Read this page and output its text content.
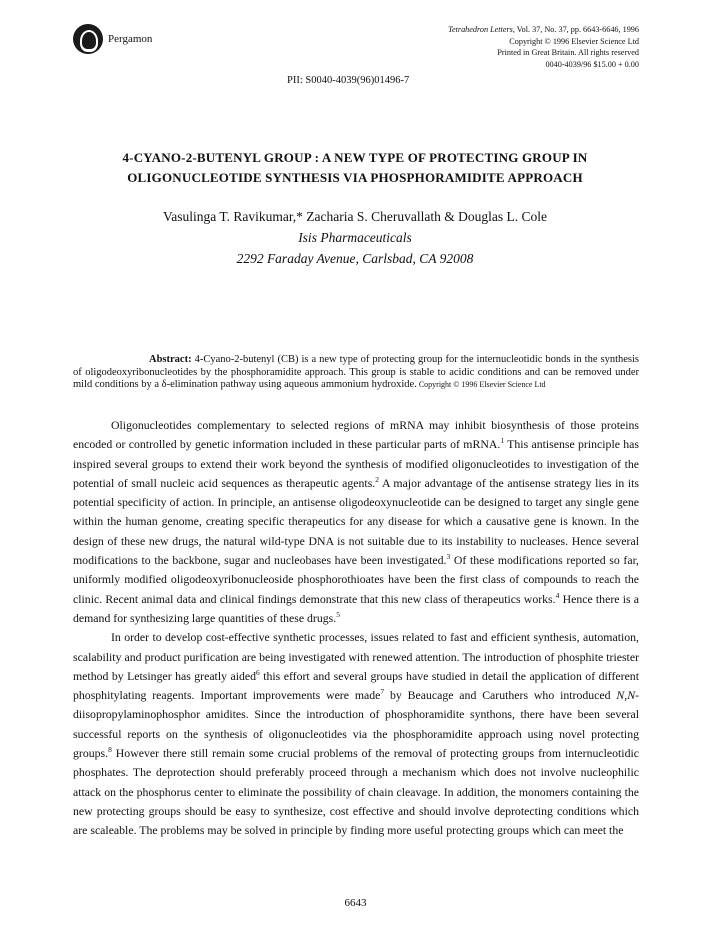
Pergamon
Tetrahedron Letters, Vol. 37, No. 37, pp. 6643-6646, 1996
Copyright © 1996 Elsevier Science Ltd
Printed in Great Britain. All rights reserved
0040-4039/96 $15.00 + 0.00
PII: S0040-4039(96)01496-7
4-CYANO-2-BUTENYL GROUP : A NEW TYPE OF PROTECTING GROUP IN
OLIGONUCLEOTIDE SYNTHESIS VIA PHOSPHORAMIDITE APPROACH
Vasulinga T. Ravikumar,* Zacharia S. Cheruvallath & Douglas L. Cole
Isis Pharmaceuticals
2292 Faraday Avenue, Carlsbad, CA 92008
Abstract: 4-Cyano-2-butenyl (CB) is a new type of protecting group for the internucleotidic bonds in the synthesis of oligodeoxyribonucleotides by the phosphoramidite approach. This group is stable to acidic conditions and can be removed under mild conditions by a δ-elimination pathway using aqueous ammonium hydroxide. Copyright © 1996 Elsevier Science Ltd

Oligonucleotides complementary to selected regions of mRNA may inhibit biosynthesis of those proteins encoded or controlled by genetic information included in these particular parts of mRNA.$^1$ This antisense principle has inspired several groups to extend their work beyond the synthesis of modified oligonucleotides to investigation of the potential of small nucleic acid sequences as therapeutic agents.$^2$ A major advantage of the antisense strategy lies in its potential specificity of action. In principle, an antisense oligodeoxynucleotide can be designed to target any single gene within the human genome, creating specific therapeutics for any disease for which a causative gene is known. In the design of these new drugs, the natural wild-type DNA is not suitable due to its instability to nucleases. Hence several modifications to the backbone, sugar and nucleobases have been investigated.$^3$ Of these modifications reported so far, uniformly modified oligodeoxyribonucleoside phosphorothioates have been the first class of compounds to reach the clinic. Recent animal data and clinical findings demonstrate that this new class of therapeutics works.$^4$ Hence there is a demand for synthesizing large quantities of these drugs.$^5$

In order to develop cost-effective synthetic processes, issues related to fast and efficient synthesis, automation, scalability and product purification are being investigated with renewed attention. The introduction of phosphite triester method by Letsinger has greatly aided$^6$ this effort and several groups have studied in detail the application of different phosphitylating reagents. Important improvements were made$^7$ by Beaucage and Caruthers who introduced N,N-diisopropylaminophosphor amidites. Since the introduction of phosphoramidite synthons, there have been several successful reports on the synthesis of oligonucleotides via the phosphoramidite approach using novel protecting groups.$^8$ However there still remain some crucial problems of the removal of protecting groups from internucleotidic phosphates. The deprotection should preferably proceed through a mechanism which does not involve nucleophilic attack on the phosphorus center to eliminate the possibility of chain cleavage. In addition, the monomers containing the new protecting groups should be easy to synthesize, cost effective and should involve deprotecting conditions which are scaleable. The problems may be solved in principle by finding more useful protecting groups which can meet the

6643
